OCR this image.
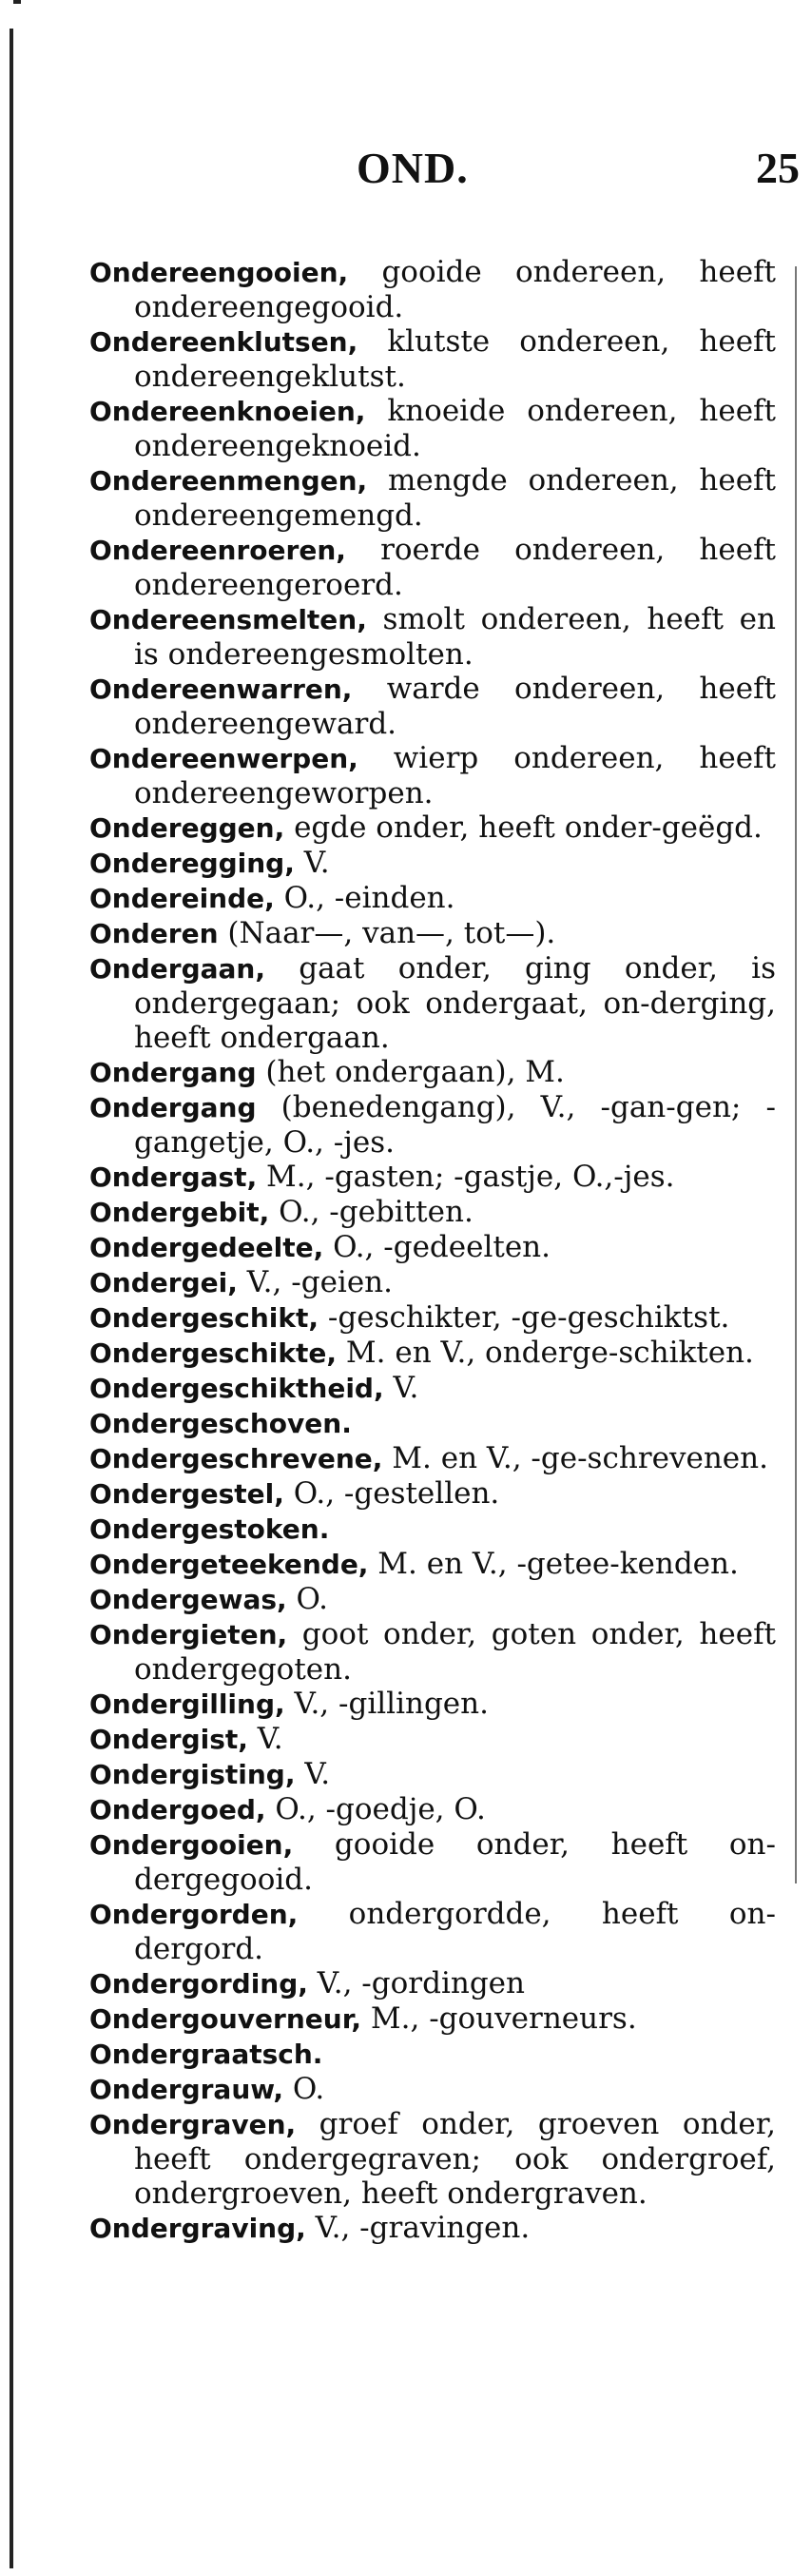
OND.	25

Ondereengooien, gooide ondereen, heeft ondereengegooid.

Ondereenklutsen, klutste ondereen, heeft ondereengeklutst.

Ondereenknoeien, knoeide ondereen, heeft ondereengeknoeid.

Ondereenmengen, mengde ondereen, heeft ondereengemengd.

Ondereenroeren, roerde ondereen, heeft ondereengeroerd.

Ondereensmelten, smolt ondereen, heeft en is ondereengesmolten.

Ondereenwarren, warde ondereen, heeft ondereengeward.

Ondereenwerpen, wierp ondereen, heeft ondereengeworpen.

Ondereggen, egde onder, heeft onder-geëgd.

Onderegging, V.

Ondereinde, O., -einden.

Onderen (Naar—, van—, tot—).

Ondergaan, gaat onder, ging onder, is ondergegaan; ook ondergaat, on-derging, heeft ondergaan.

Ondergang (het ondergaan), M.

Ondergang (benedengang), V., -gan-gen; -gangetje, O., -jes.

Ondergast, M., -gasten; -gastje, O.,-jes.

Ondergebit, O., -gebitten.

Ondergedeelte, O., -gedeelten.

Ondergei, V., -geien.

Ondergeschikt, -geschikter, -ge-geschiktst.

Ondergeschikte, M. en V., onderge-schikten.

Ondergeschiktheid, V.

Ondergeschoven.

Ondergeschrevene, M. en V., -ge-schrevenen.

Ondergestel, O., -gestellen.

Ondergestoken.

Ondergeteekende, M. en V., -getee-kenden.

Ondergewas, O.

Ondergieten, goot onder, goten onder, heeft ondergegoten.

Ondergilling, V., -gillingen.

Ondergist, V.

Ondergisting, V.

Ondergoed, O., -goedje, O.

Ondergooien, gooide onder, heeft on-dergegooid.

Ondergorden, ondergordde, heeft on-dergord.

Ondergording, V., -gordingen

Ondergouverneur, M., -gouverneurs.

Ondergraatsch.

Ondergrauw, O.

Ondergraven, groef onder, groeven onder, heeft ondergegraven; ook ondergroef, ondergroeven, heeft ondergraven.

Ondergraving, V., -gravingen.
